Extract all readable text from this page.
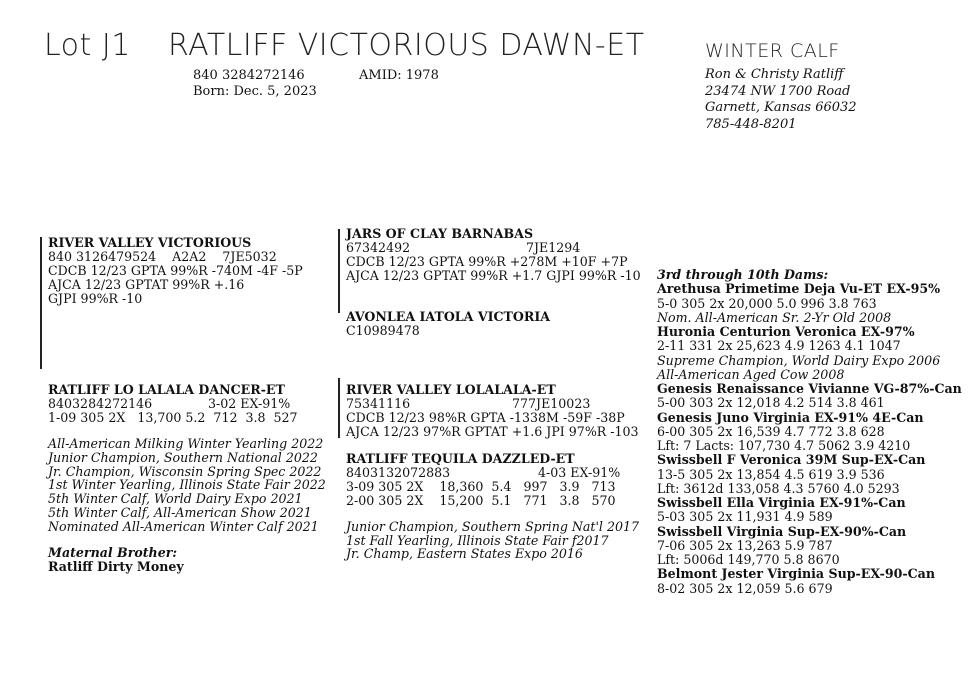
Lot J1 RATLIFF VICTORIOUS DAWN-ET	WINTER CALF
840 3284272146	AMID: 1978
Born: Dec. 5, 2023
Ron & Christy Ratliff
23474 NW 1700 Road
Garnett, Kansas 66032
785-448-8201
RIVER VALLEY VICTORIOUS
840 3126479524    A2A2    7JE5032
CDCB 12/23 GPTA 99%R -740M -4F -5P
AJCA 12/23 GPTAT 99%R +.16
GJPI 99%R -10
JARS OF CLAY BARNABAS
67342492	7JE1294
CDCB 12/23 GPTA 99%R +278M +10F +7P
AJCA 12/23 GPTAT 99%R +1.7 GJPI 99%R -10
AVONLEA IATOLA VICTORIA
C10989478
RATLIFF LO LALALA DANCER-ET
8403284272146	3-02 EX-91%
1-09 305 2X   13,700 5.2  712  3.8  527
All-American Milking Winter Yearling 2022
Junior Champion, Southern National 2022
Jr. Champion, Wisconsin Spring Spec 2022
1st Winter Yearling, Illinois State Fair 2022
5th Winter Calf, World Dairy Expo 2021
5th Winter Calf, All-American Show 2021
Nominated All-American Winter Calf 2021
Maternal Brother:
Ratliff Dirty Money
RIVER VALLEY LOLALALA-ET
75341116	777JE10023
CDCB 12/23 98%R GPTA -1338M -59F -38P
AJCA 12/23 97%R GPTAT +1.6 JPI 97%R -103
RATLIFF TEQUILA DAZZLED-ET
8403132072883	4-03 EX-91%
3-09 305 2X    18,360  5.4   997   3.9   713
2-00 305 2X    15,200  5.1   771   3.8   570
Junior Champion, Southern Spring Nat'l 2017
1st Fall Yearling, Illinois State Fair f2017
Jr. Champ, Eastern States Expo 2016
3rd through 10th Dams:
Arethusa Primetime Deja Vu-ET EX-95%
5-0 305 2x 20,000 5.0 996 3.8 763
Nom. All-American Sr. 2-Yr Old 2008
Huronia Centurion Veronica EX-97%
2-11 331 2x 25,623 4.9 1263 4.1 1047
Supreme Champion, World Dairy Expo 2006
All-American Aged Cow 2008
Genesis Renaissance Vivianne VG-87%-Can
5-00 303 2x 12,018 4.2 514 3.8 461
Genesis Juno Virginia EX-91% 4E-Can
6-00 305 2x 16,539 4.7 772 3.8 628
Lft: 7 Lacts: 107,730 4.7 5062 3.9 4210
Swissbell F Veronica 39M Sup-EX-Can
13-5 305 2x 13,854 4.5 619 3.9 536
Lft: 3612d 133,058 4.3 5760 4.0 5293
Swissbell Ella Virginia EX-91%-Can
5-03 305 2x 11,931 4.9 589
Swissbell Virginia Sup-EX-90%-Can
7-06 305 2x 13,263 5.9 787
Lft: 5006d 149,770 5.8 8670
Belmont Jester Virginia Sup-EX-90-Can
8-02 305 2x 12,059 5.6 679
